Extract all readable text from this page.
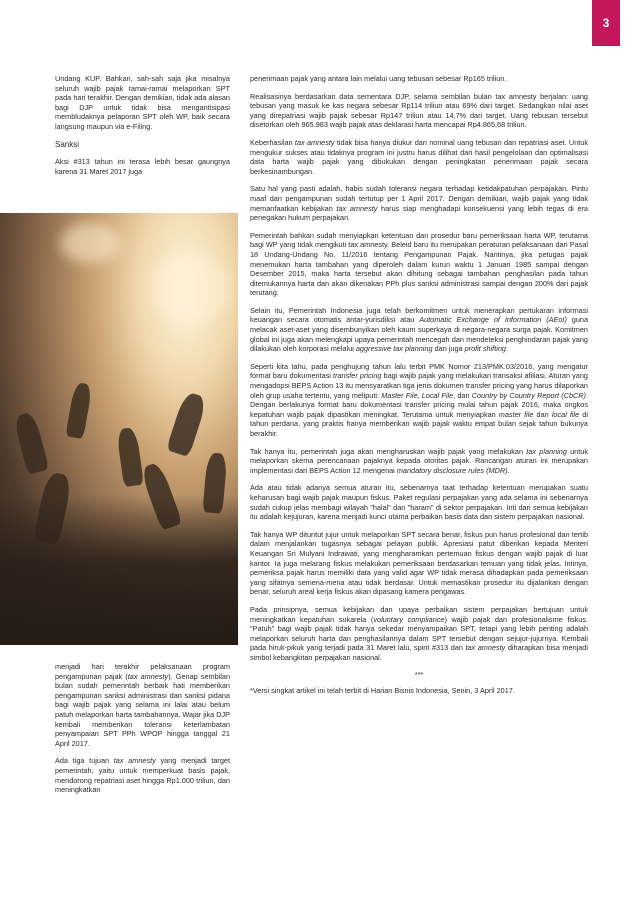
3

Undang KUP. Bahkan, sah-sah saja jika misalnya seluruh wajib pajak ramai-ramai melaporkan SPT pada hari terakhir. Dengan demikian, tidak ada alasan bagi DJP untuk tidak bisa mengantisipasi membludaknya pelaporan SPT oleh WP, baik secara langsung maupun via e-Filing.

Sanksi

Aksi #313 tahun ini terasa lebih besar gaungnya karena 31 Maret 2017 juga

menjadi hari terakhir pelaksanaan program pengampunan pajak (tax amnesty). Genap sembilan bulan sudah pemerintah berbaik hati memberikan pengampunan sanksi administrasi dan sanksi pidana bagi wajib pajak yang selama ini lalai atau belum patuh melaporkan harta tambahannya. Wajar jika DJP kembali memberikan toleransi keterlambatan penyampaian SPT PPh WPOP hingga tanggal 21 April 2017.

Ada tiga tujuan tax amnesty yang menjadi target pemerintah, yaitu untuk memperkuat basis pajak, mendorong repatriasi aset hingga Rp1.000 triliun, dan meningkatkan

penerimaan pajak yang antara lain melalui uang tebusan sebesar Rp165 triliun.

Realisasinya berdasarkan data sementara DJP, selama sembilan bulan tax amnesty berjalan: uang tebusan yang masuk ke kas negara sebesar Rp114 triliun atau 69% dari target. Sedangkan nilai aset yang direpatriasi wajib pajak sebesar Rp147 triliun atau 14,7% dari target. Uang tebusan tersebut disetorkan oleh 965.983 wajib pajak atas deklarasi harta mencapai Rp4.865,68 triliun.

Keberhasilan tax amnesty tidak bisa hanya diukur dari nominal uang tebusan dan repatriasi aset. Untuk mengukur sukses atau tidaknya program ini justru harus dilihat dari hasil pengelolaan dan optimalisasi data harta wajib pajak yang dibukukan dengan peningkatan penerimaan pajak secara berkesinambungan.

Satu hal yang pasti adalah, habis sudah toleransi negara terhadap ketidakpatuhan perpajakan. Pintu maaf dan pengampunan sudah tertutup per 1 April 2017. Dengan demikian, wajib pajak yang tidak memanfaatkan kebijakan tax amnesty harus siap menghadapi konsekuensi yang lebih tegas di era penegakan hukum perpajakan.

Pemerintah bahkan sudah menyiapkan ketentuan dan prosedur baru pemeriksaan harta WP, terutama bagi WP yang tidak mengikuti tax amnesty. Beleid baru itu merupakan peraturan pelaksanaan dari Pasal 18 Undang-Undang No. 11/2016 tentang Pengampunan Pajak. Nantinya, jika petugas pajak menemukan harta tambahan yang diperoleh dalam kurun waktu 1 Januari 1985 sampai dengan Desember 2015, maka harta tersebut akan dihitung sebagai tambahan penghasilan pada tahun ditemukannya harta dan akan dikenakan PPh plus sanksi administrasi sampai dengan 200% dari pajak terutang.

Selain itu, Pemerintah Indonesia juga telah berkomitmen untuk menerapkan pertukaran informasi keuangan secara otomatis antar-yurisdiksi atau Automatic Exchange of Information (AEoI) guna melacak aset-aset yang disembunyikan oleh kaum superkaya di negara-negara surga pajak. Komitmen global ini juga akan melengkapi upaya pemerintah mencegah dan mendeteksi penghindaran pajak yang dilakukan oleh korporasi melalui aggressive tax planning dan juga profit shifting.

Seperti kita tahu, pada penghujung tahun lalu terbit PMK Nomor 213/PMK.03/2016, yang mengatur format baru dokumentasi transfer pricing bagi wajib pajak yang melakukan transaksi afiliasi. Aturan yang mengadopsi BEPS Action 13 itu mensyaratkan tiga jenis dokumen transfer pricing yang harus dilaporkan oleh grup usaha tertentu, yang meliputi: Master File, Local File, dan Country by Country Report (CbCR). Dengan berlakunya format baru dokumentasi transfer pricing mulai tahun pajak 2016, maka ongkos kepatuhan wajib pajak dipastikan meningkat. Terutama untuk menyiapkan master file dan local file di tahun perdana, yang praktis hanya memberikan wajib pajak waktu empat bulan sejak tahun bukunya berakhir.

Tak hanya itu, pemerintah juga akan mengharuskan wajib pajak yang melakukan tax planning untuk melaporkan skema perencanaan pajaknya kepada otoritas pajak. Rancangan aturan ini merupakan implementasi dari BEPS Action 12 mengenai mandatory disclosure rules (MDR).

Ada atau tidak adanya semua aturan itu, sebenarnya taat terhadap ketentuan merupakan suatu keharusan bagi wajib pajak maupun fiskus. Paket regulasi perpajakan yang ada selama ini sebenarnya sudah cukup jelas membagi wilayah "halal" dan "haram" di sektor perpajakan. Inti dari semua kebijakan itu adalah kejujuran, karena menjadi kunci utama perbaikan basis data dan sistem perpajakan nasional.

Tak hanya WP dituntut jujur untuk melaporkan SPT secara benar, fiskus pun harus profesional dan tertib dalam menjalankan tugasnya sebagai pelayan publik. Apresiasi patut diberikan kepada Menteri Keuangan Sri Mulyani Indrawati, yang mengharamkan pertemuan fiskus dengan wajib pajak di luar kantor. Ia juga melarang fiskus melakukan pemeriksaan berdasarkan temuan yang tidak jelas. Intinya, pemeriksa pajak harus memiliki data yang valid agar WP tidak merasa dihadapkan pada pemeriksaan yang sifatnya semena-mena atau tidak berdasar. Untuk memastikan prosedur itu dijalankan dengan benar, seluruh areal kerja fiskus akan dipasang kamera pengawas.

Pada prinsipnya, semua kebijakan dan upaya perbaikan sistem perpajakan bertujuan untuk meningkatkan kepatuhan sukarela (voluntary compliance) wajib pajak dan profesionalisme fiskus. "Patuh" bagi wajib pajak tidak hanya sekedar menyampaikan SPT, tetapi yang lebih penting adalah melaporkan seluruh harta dan penghasilannya dalam SPT tersebut dengan sejujur-jujurnya. Kembali pada hiruk-pikuk yang terjadi pada 31 Maret lalu, spirit #313 dan tax amnesty diharapkan bisa menjadi simbol kebangkitan perpajakan nasional.

***

*Versi singkat artikel ini telah terbit di Harian Bisnis Indonesia, Senin, 3 April 2017.
